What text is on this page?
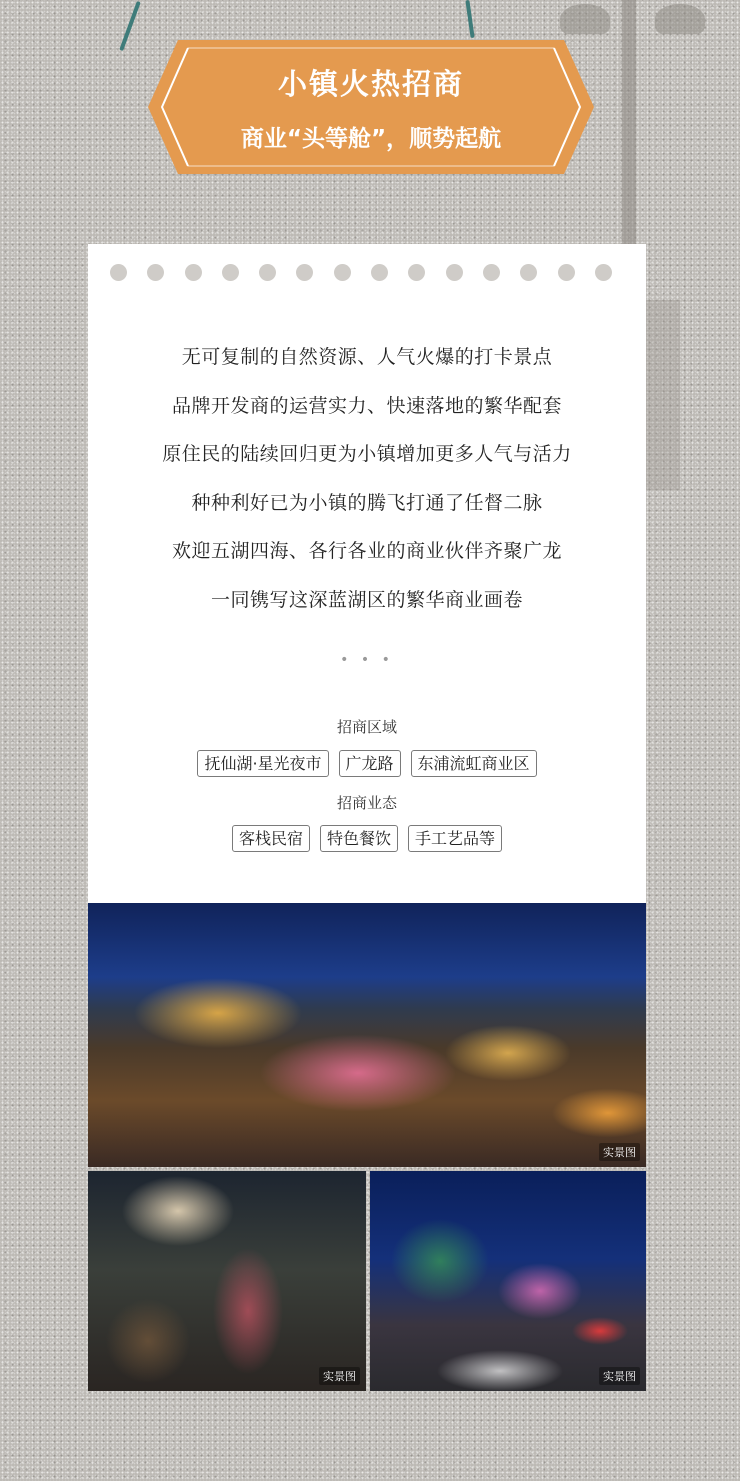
小镇火热招商
商业“头等舱”，顺势起航
无可复制的自然资源、人气火爆的打卡景点
品牌开发商的运营实力、快速落地的繁华配套
原住民的陆续回归更为小镇增加更多人气与活力
种种利好已为小镇的腾飞打通了任督二脉
欢迎五湖四海、各行各业的商业伙伴齐聚广龙
一同镌写这深蓝湖区的繁华商业画卷
• • •
招商区域
抚仙湖·星光夜市	广龙路	东浦流虹商业区
招商业态
客栈民宿	特色餐饮	手工艺品等
实景图
实景图	实景图
